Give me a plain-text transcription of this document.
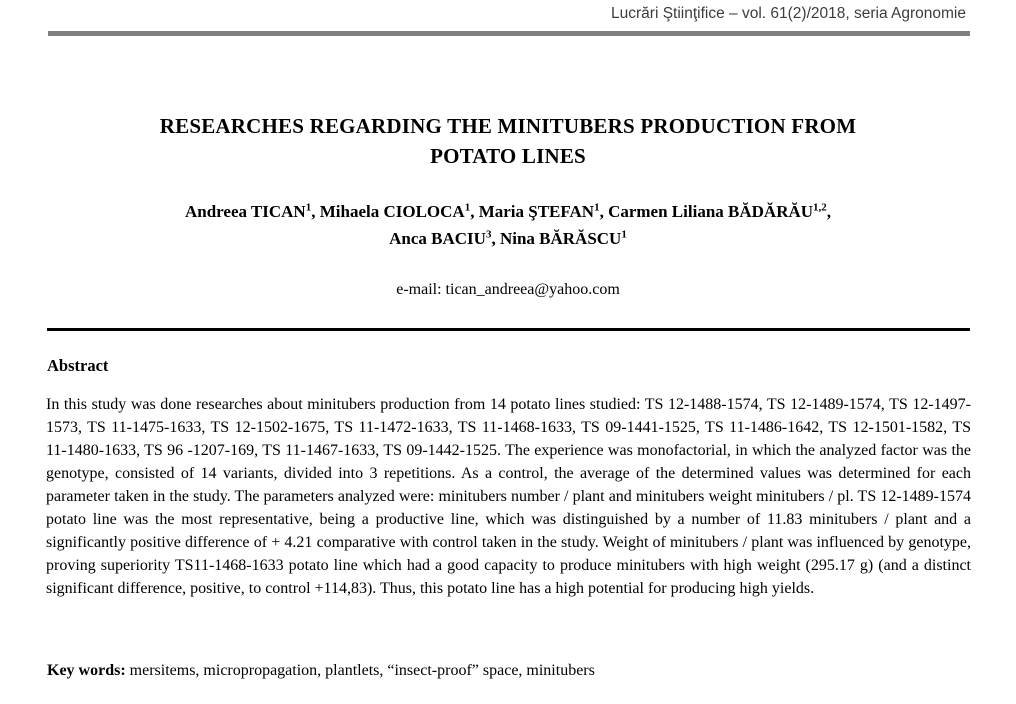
Lucrări Ştiinţifice – vol. 61(2)/2018, seria Agronomie
RESEARCHES REGARDING THE MINITUBERS PRODUCTION FROM
POTATO LINES
Andreea TICAN$^1$, Mihaela CIOLOCA$^1$, Maria ŞTEFAN$^1$, Carmen Liliana BĂDĂRĂU$^{1,2}$,
Anca BACIU$^3$, Nina BĂRĂSCU$^1$
e-mail: tican_andreea@yahoo.com
Abstract
In this study was done researches about minitubers production from 14 potato lines studied: TS 12-1488-1574, TS 12-1489-1574, TS 12-1497-1573, TS 11-1475-1633, TS 12-1502-1675, TS 11-1472-1633, TS 11-1468-1633, TS 09-1441-1525, TS 11-1486-1642, TS 12-1501-1582, TS 11-1480-1633, TS 96 -1207-169, TS 11-1467-1633, TS 09-1442-1525. The experience was monofactorial, in which the analyzed factor was the genotype, consisted of 14 variants, divided into 3 repetitions. As a control, the average of the determined values was determined for each parameter taken in the study. The parameters analyzed were: minitubers number / plant and minitubers weight minitubers / pl. TS 12-1489-1574 potato line was the most representative, being a productive line, which was distinguished by a number of 11.83 minitubers / plant and a significantly positive difference of + 4.21 comparative with control taken in the study. Weight of minitubers / plant was influenced by genotype, proving superiority TS11-1468-1633 potato line which had a good capacity to produce minitubers with high weight (295.17 g) (and a distinct significant difference, positive, to control +114,83). Thus, this potato line has a high potential for producing high yields.
Key words: mersitems, micropropagation, plantlets, “insect-proof” space, minitubers
